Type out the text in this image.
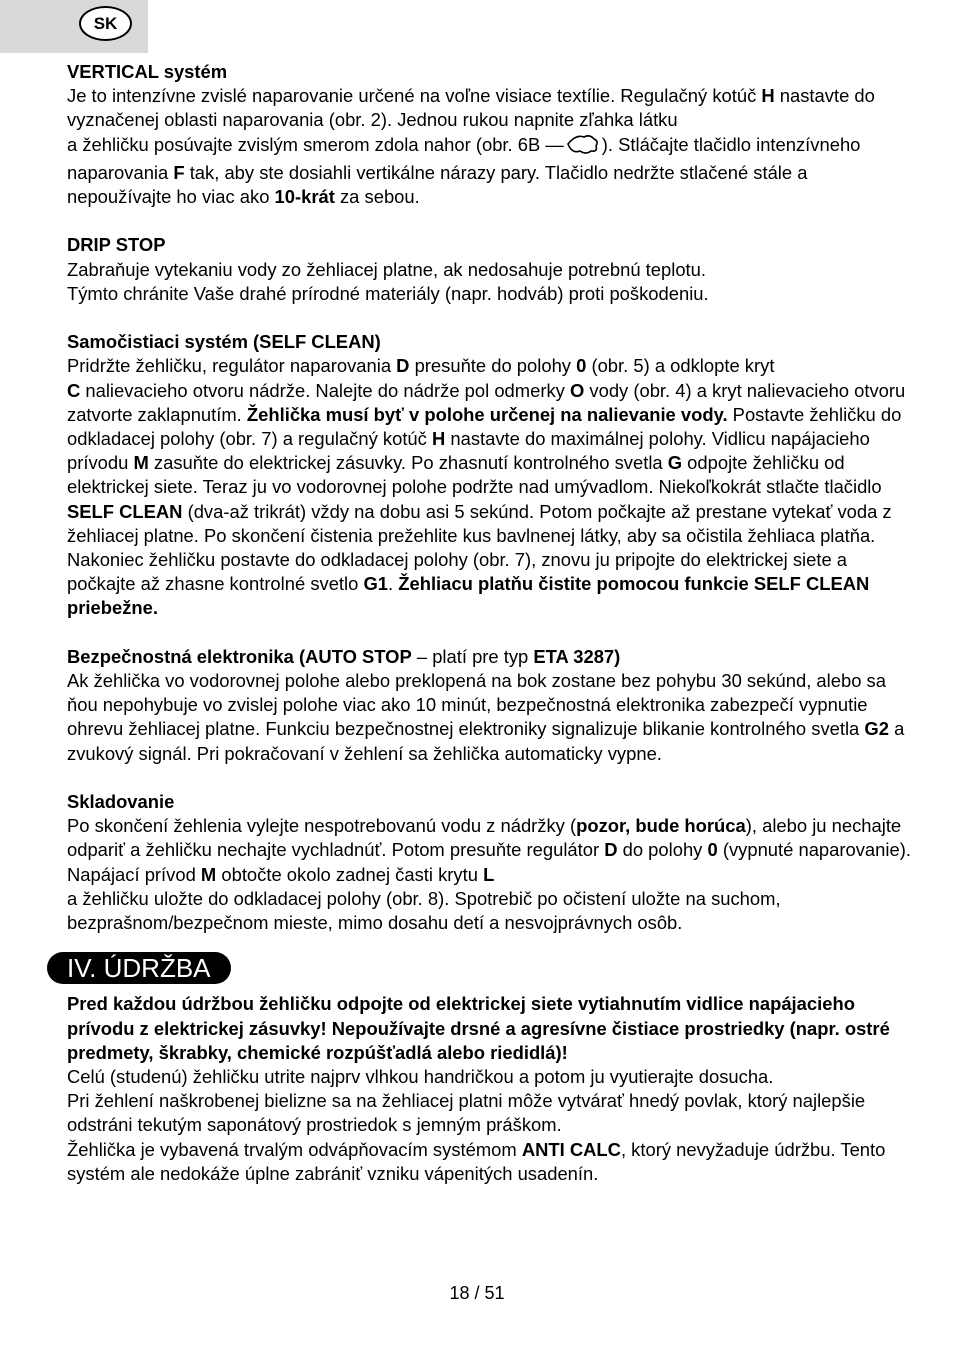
SK

VERTICAL systém

Je to intenzívne zvislé naparovanie určené na voľne visiace textílie. Regulačný kotúč H nastavte do vyznačenej oblasti naparovania (obr. 2). Jednou rukou napnite zľahka látku
a žehličku posúvajte zvislým smerom zdola nahor (obr. 6B — ). Stláčajte tlačidlo intenzívneho naparovania F tak, aby ste dosiahli vertikálne nárazy pary. Tlačidlo nedržte stlačené stále a nepoužívajte ho viac ako 10-krát za sebou.

DRIP STOP

Zabraňuje vytekaniu vody zo žehliacej platne, ak nedosahuje potrebnú teplotu.

Týmto chránite Vaše drahé prírodné materiály (napr. hodváb) proti poškodeniu.

Samočistiaci systém (SELF CLEAN)

Pridržte žehličku, regulátor naparovania D presuňte do polohy 0 (obr. 5) a odklopte kryt
C nalievacieho otvoru nádrže. Nalejte do nádrže pol odmerky O vody (obr. 4) a kryt nalievacieho otvoru zatvorte zaklapnutím. Žehlička musí byť v polohe určenej na nalievanie vody. Postavte žehličku do odkladacej polohy (obr. 7) a regulačný kotúč H nastavte do maximálnej polohy. Vidlicu napájacieho prívodu M zasuňte do elektrickej zásuvky. Po zhasnutí kontrolného svetla G odpojte žehličku od elektrickej siete. Teraz ju vo vodorovnej polohe podržte nad umývadlom. Niekoľkokrát stlačte tlačidlo SELF CLEAN (dva-až trikrát) vždy na dobu asi 5 sekúnd. Potom počkajte až prestane vytekať voda z žehliacej platne. Po skončení čistenia prežehlite kus bavlnenej látky, aby sa očistila žehliaca platňa. Nakoniec žehličku postavte do odkladacej polohy (obr. 7), znovu ju pripojte do elektrickej siete a počkajte až zhasne kontrolné svetlo G1. Žehliacu platňu čistite pomocou funkcie SELF CLEAN priebežne.

Bezpečnostná elektronika (AUTO STOP – platí pre typ ETA 3287)

Ak žehlička vo vodorovnej polohe alebo preklopená na bok zostane bez pohybu 30 sekúnd, alebo sa ňou nepohybuje vo zvislej polohe viac ako 10 minút, bezpečnostná elektronika zabezpečí vypnutie ohrevu žehliacej platne. Funkciu bezpečnostnej elektroniky signalizuje blikanie kontrolného svetla G2 a zvukový signál. Pri pokračovaní v žehlení sa žehlička automaticky vypne.

Skladovanie

Po skončení žehlenia vylejte nespotrebovanú vodu z nádržky (pozor, bude horúca), alebo ju nechajte odpariť a žehličku nechajte vychladnúť. Potom presuňte regulátor D do polohy 0 (vypnuté naparovanie). Napájací prívod M obtočte okolo zadnej časti krytu L
a žehličku uložte do odkladacej polohy (obr. 8). Spotrebič po očistení uložte na suchom, bezprašnom/bezpečnom mieste, mimo dosahu detí a nesvojprávnych osôb.

IV. ÚDRŽBA

Pred každou údržbou žehličku odpojte od elektrickej siete vytiahnutím vidlice napájacieho prívodu z elektrickej zásuvky! Nepoužívajte drsné a agresívne čistiace prostriedky (napr. ostré predmety, škrabky, chemické rozpúšťadlá alebo riedidlá)!

Celú (studenú) žehličku utrite najprv vlhkou handričkou a potom ju vyutierajte dosucha.

Pri žehlení naškrobenej bielizne sa na žehliacej platni môže vytvárať hnedý povlak, ktorý najlepšie odstráni tekutým saponátový prostriedok s jemným práškom.

Žehlička je vybavená trvalým odvápňovacím systémom ANTI CALC, ktorý nevyžaduje údržbu. Tento systém ale nedokáže úplne zabrániť vzniku vápenitých usadenín.

18 / 51
